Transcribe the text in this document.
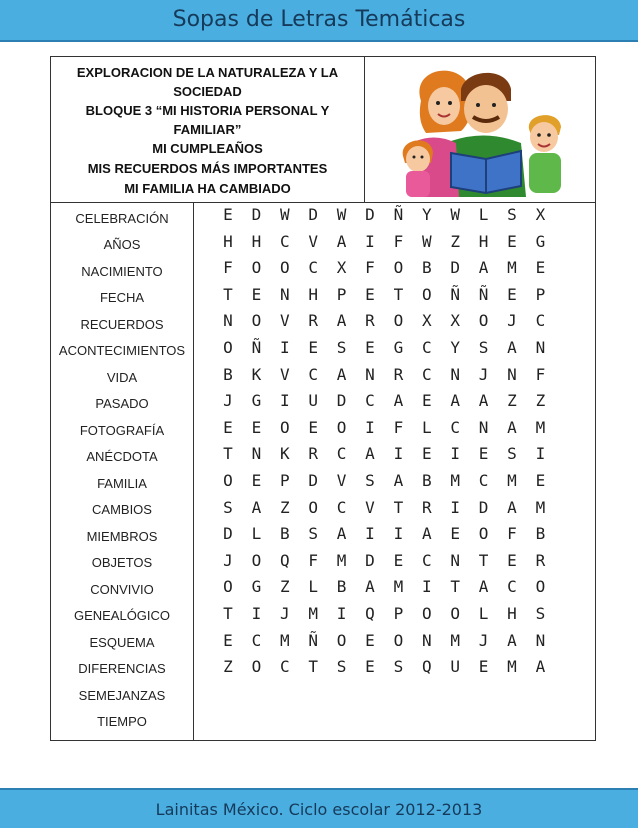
Sopas de Letras Temáticas
EXPLORACION DE LA NATURALEZA Y LA
SOCIEDAD
BLOQUE 3 “MI HISTORIA PERSONAL Y
FAMILIAR”
MI CUMPLEAÑOS
MIS RECUERDOS MÁS IMPORTANTES
MI FAMILIA HA CAMBIADO
CELEBRACIÓN
AÑOS
NACIMIENTO
FECHA
RECUERDOS
ACONTECIMIENTOS
VIDA
PASADO
FOTOGRAFÍA
ANÉCDOTA
FAMILIA
CAMBIOS
MIEMBROS
OBJETOS
CONVIVIO
GENEALÓGICO
ESQUEMA
DIFERENCIAS
SEMEJANZAS
TIEMPO
E	D	W	D	W	D	Ñ	Y	W	L	S	X
H	H	C	V	A	I	F	W	Z	H	E	G
F	O	O	C	X	F	O	B	D	A	M	E
T	E	N	H	P	E	T	O	Ñ	Ñ	E	P
N	O	V	R	A	R	O	X	X	O	J	C
O	Ñ	I	E	S	E	G	C	Y	S	A	N
B	K	V	C	A	N	R	C	N	J	N	F
J	G	I	U	D	C	A	E	A	A	Z	Z
E	E	O	E	O	I	F	L	C	N	A	M
T	N	K	R	C	A	I	E	I	E	S	I
O	E	P	D	V	S	A	B	M	C	M	E
S	A	Z	O	C	V	T	R	I	D	A	M
D	L	B	S	A	I	I	A	E	O	F	B
J	O	Q	F	M	D	E	C	N	T	E	R
O	G	Z	L	B	A	M	I	T	A	C	O
T	I	J	M	I	Q	P	O	O	L	H	S
E	C	M	Ñ	O	E	O	N	M	J	A	N
Z	O	C	T	S	E	S	Q	U	E	M	A
Lainitas México. Ciclo escolar 2012-2013
